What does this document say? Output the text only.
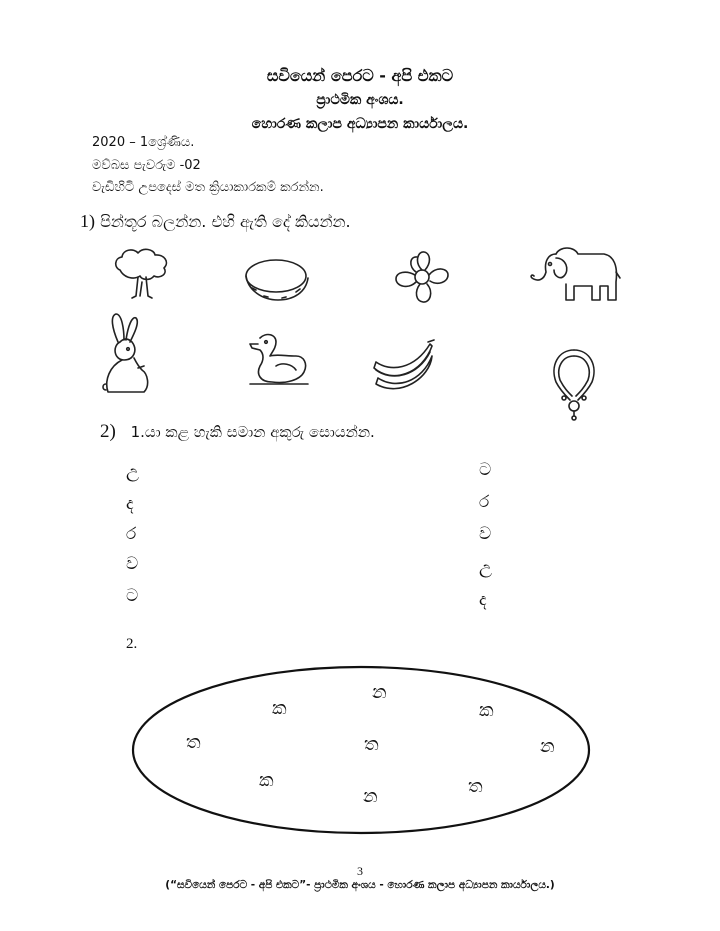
සවියෙන් පෙරට - අපි එකට
ප්‍රාථමික අංශය.
හොරණ කලාප අධ්‍යාපන කාර්යාලය.
2020 – 1ශ්‍රේණිය.
මව්බස පැවරුම -02
වැඩිහිටි උපදෙස් මත ක්‍රියාකාරකම් කරන්න.
1) පින්තූර බලන්න. එහි ඇති දේ කියන්න.
2) 1.යා කළ හැකි සමාන අකුරු සොයන්න.
උ
ද
ර
ව
ට
ට
ර
ව
උ
ද
2.
ක
න
ක
ත	ත	න
ක
න	ත
3
(“සවියෙන් පෙරට - අපි එකට”- ප්‍රාථමික අංශය - හොරණ කලාප අධ්‍යාපන කාර්යාලය.)
